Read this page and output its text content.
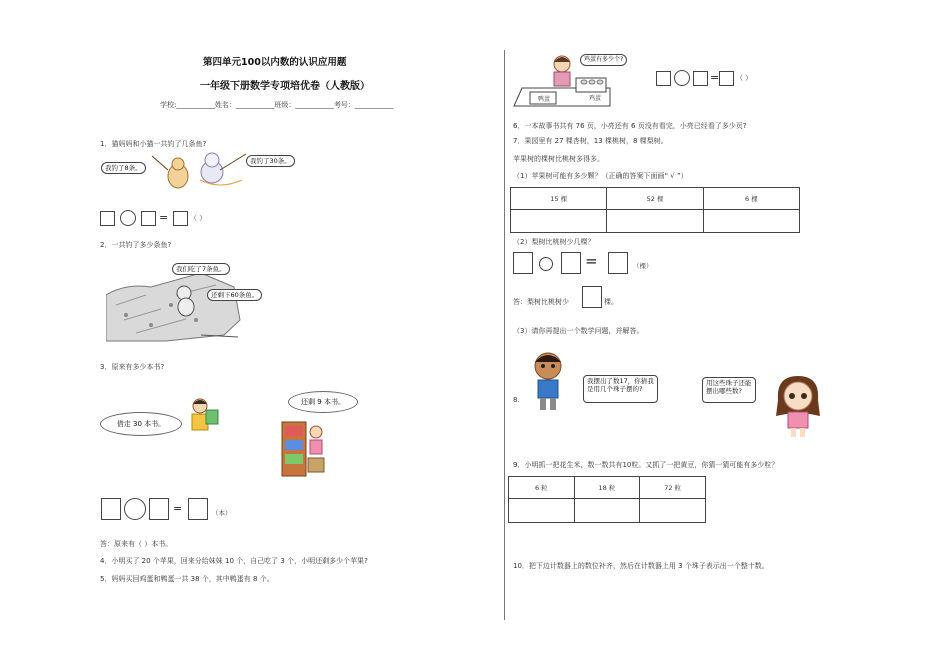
第四单元100以内数的认识应用题
一年级下册数学专项培优卷（人教版）
学校:___________姓名：___________班级：___________考号：___________
1．猫妈妈和小猫一共钓了几条鱼?
我钓了8条。
我钓了30条。
=	（ ）
2．一共钓了多少条鱼?
我们吃了7条鱼。
还剩下60条鱼。
3．原来有多少本书?
借走 30 本书。
还剩 9 本书。
=	（本）
答：原来有（ ）本书。
4．小明买了 20 个苹果，回来分给妹妹 10 个，自己吃了 3 个，小明还剩多少个苹果?
5．妈妈买回鸡蛋和鸭蛋一共 38 个，其中鸭蛋有 8 个。
鸡蛋有多少个?
鸭蛋	鸡蛋
= （ ）
6．一本故事书共有 76 页，小亮还有 6 页没有看完，小亮已经看了多少页?
7．果园里有 27 棵杏树，13 棵桃树，8 棵梨树。
苹果树的棵树比桃树多得多。
（1）苹果树可能有多少颗？（正确的答案下面画“ √ ”）
15 棵	52 棵	6 棵

（2）梨树比桃树少几棵？
=	（棵）
答：梨树比桃树少	棵。
（3）请你再提出一个数学问题，并解答。
8.
我摆出了数17，你猜我
是用几个珠子摆的?
用这些珠子还能
摆出哪些数?
9．小明抓一把花生米，数一数共有10粒。又抓了一把黄豆，你猜一猜可能有多少粒？
6 粒	18 粒	72 粒

10．把下边计数器上的数位补齐，然后在计数器上用 3 个珠子表示出一个整十数。
